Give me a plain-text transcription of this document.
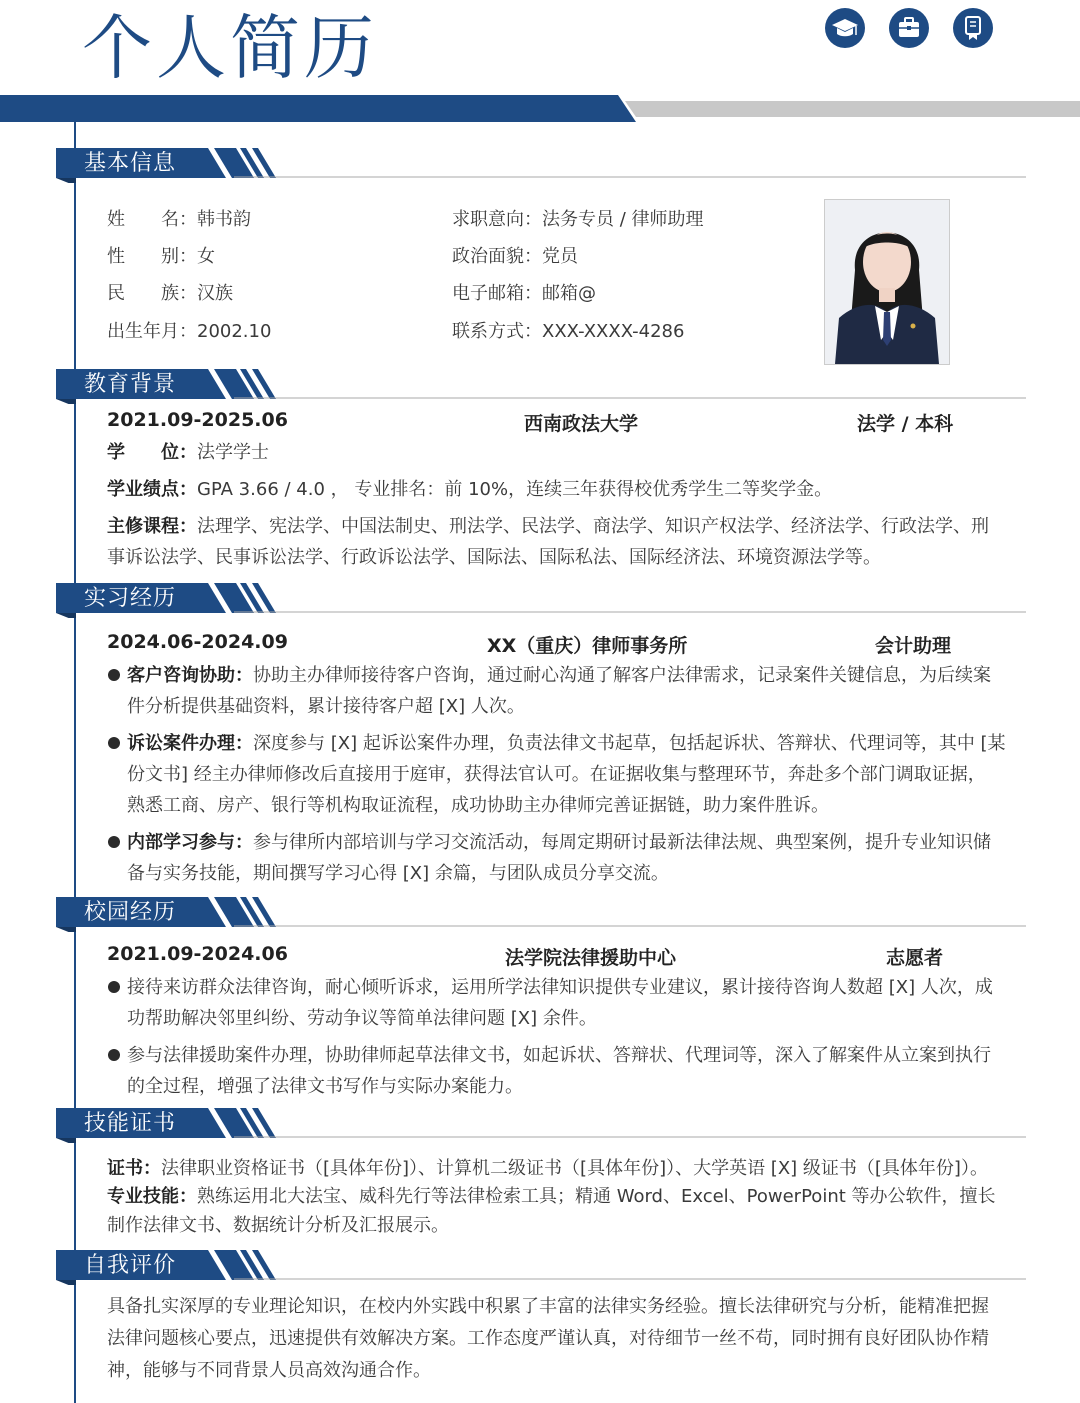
个人简历
基本信息
姓　　名：韩书韵
性　　别：女
民　　族：汉族
出生年月：2002.10
求职意向：法务专员 / 律师助理
政治面貌：党员
电子邮箱：邮箱@
联系方式：XXX-XXXX-4286
教育背景
2021.09-2025.06	西南政法大学	法学 / 本科
学　　位：法学学士
学业绩点：GPA 3.66 / 4.0 ， 专业排名：前 10%，连续三年获得校优秀学生二等奖学金。
主修课程：法理学、宪法学、中国法制史、刑法学、民法学、商法学、知识产权法学、经济法学、行政法学、刑
事诉讼法学、民事诉讼法学、行政诉讼法学、国际法、国际私法、国际经济法、环境资源法学等。
实习经历
2024.06-2024.09	XX（重庆）律师事务所	会计助理
客户咨询协助：协助主办律师接待客户咨询，通过耐心沟通了解客户法律需求，记录案件关键信息，为后续案
件分析提供基础资料，累计接待客户超 [X] 人次。
诉讼案件办理：深度参与 [X] 起诉讼案件办理，负责法律文书起草，包括起诉状、答辩状、代理词等，其中 [某
份文书] 经主办律师修改后直接用于庭审，获得法官认可。在证据收集与整理环节，奔赴多个部门调取证据，
熟悉工商、房产、银行等机构取证流程，成功协助主办律师完善证据链，助力案件胜诉。
内部学习参与：参与律所内部培训与学习交流活动，每周定期研讨最新法律法规、典型案例，提升专业知识储
备与实务技能，期间撰写学习心得 [X] 余篇，与团队成员分享交流。
校园经历
2021.09-2024.06	法学院法律援助中心	志愿者
接待来访群众法律咨询，耐心倾听诉求，运用所学法律知识提供专业建议，累计接待咨询人数超 [X] 人次，成
功帮助解决邻里纠纷、劳动争议等简单法律问题 [X] 余件。
参与法律援助案件办理，协助律师起草法律文书，如起诉状、答辩状、代理词等，深入了解案件从立案到执行
的全过程，增强了法律文书写作与实际办案能力。
技能证书
证书：法律职业资格证书（[具体年份]）、计算机二级证书（[具体年份]）、大学英语 [X] 级证书（[具体年份]）。
专业技能：熟练运用北大法宝、威科先行等法律检索工具；精通 Word、Excel、PowerPoint 等办公软件，擅长
制作法律文书、数据统计分析及汇报展示。
自我评价
具备扎实深厚的专业理论知识，在校内外实践中积累了丰富的法律实务经验。擅长法律研究与分析，能精准把握
法律问题核心要点，迅速提供有效解决方案。工作态度严谨认真，对待细节一丝不苟，同时拥有良好团队协作精
神，能够与不同背景人员高效沟通合作。
